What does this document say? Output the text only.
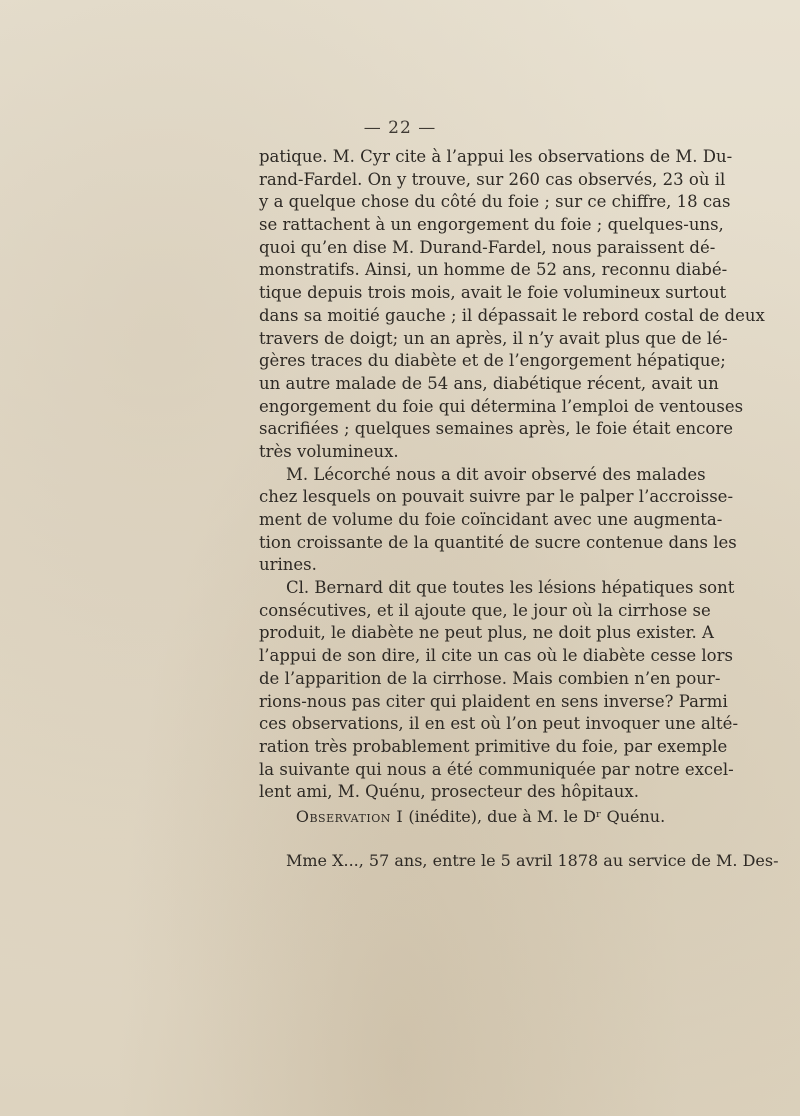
— 22 —
patique. M. Cyr cite à l’appui les observations de M. Du-
rand-Fardel. On y trouve, sur 260 cas observés, 23 où il
y a quelque chose du côté du foie ; sur ce chiffre, 18 cas
se rattachent à un engorgement du foie ; quelques-uns,
quoi qu’en dise M. Durand-Fardel, nous paraissent dé-
monstratifs. Ainsi, un homme de 52 ans, reconnu diabé-
tique depuis trois mois, avait le foie volumineux surtout
dans sa moitié gauche ; il dépassait le rebord costal de deux
travers de doigt; un an après, il n’y avait plus que de lé-
gères traces du diabète et de l’engorgement hépatique;
un autre malade de 54 ans, diabétique récent, avait un
engorgement du foie qui détermina l’emploi de ventouses
sacrifiées ; quelques semaines après, le foie était encore
très volumineux.
M. Lécorché nous a dit avoir observé des malades
chez lesquels on pouvait suivre par le palper l’accroisse-
ment de volume du foie coïncidant avec une augmenta-
tion croissante de la quantité de sucre contenue dans les
urines.
Cl. Bernard dit que toutes les lésions hépatiques sont
consécutives, et il ajoute que, le jour où la cirrhose se
produit, le diabète ne peut plus, ne doit plus exister. A
l’appui de son dire, il cite un cas où le diabète cesse lors
de l’apparition de la cirrhose. Mais combien n’en pour-
rions-nous pas citer qui plaident en sens inverse? Parmi
ces observations, il en est où l’on peut invoquer une alté-
ration très probablement primitive du foie, par exemple
la suivante qui nous a été communiquée par notre excel-
lent ami, M. Quénu, prosecteur des hôpitaux.
Observation I (inédite), due à M. le Dʳ Quénu.
Mme X..., 57 ans, entre le 5 avril 1878 au service de M. Des-
